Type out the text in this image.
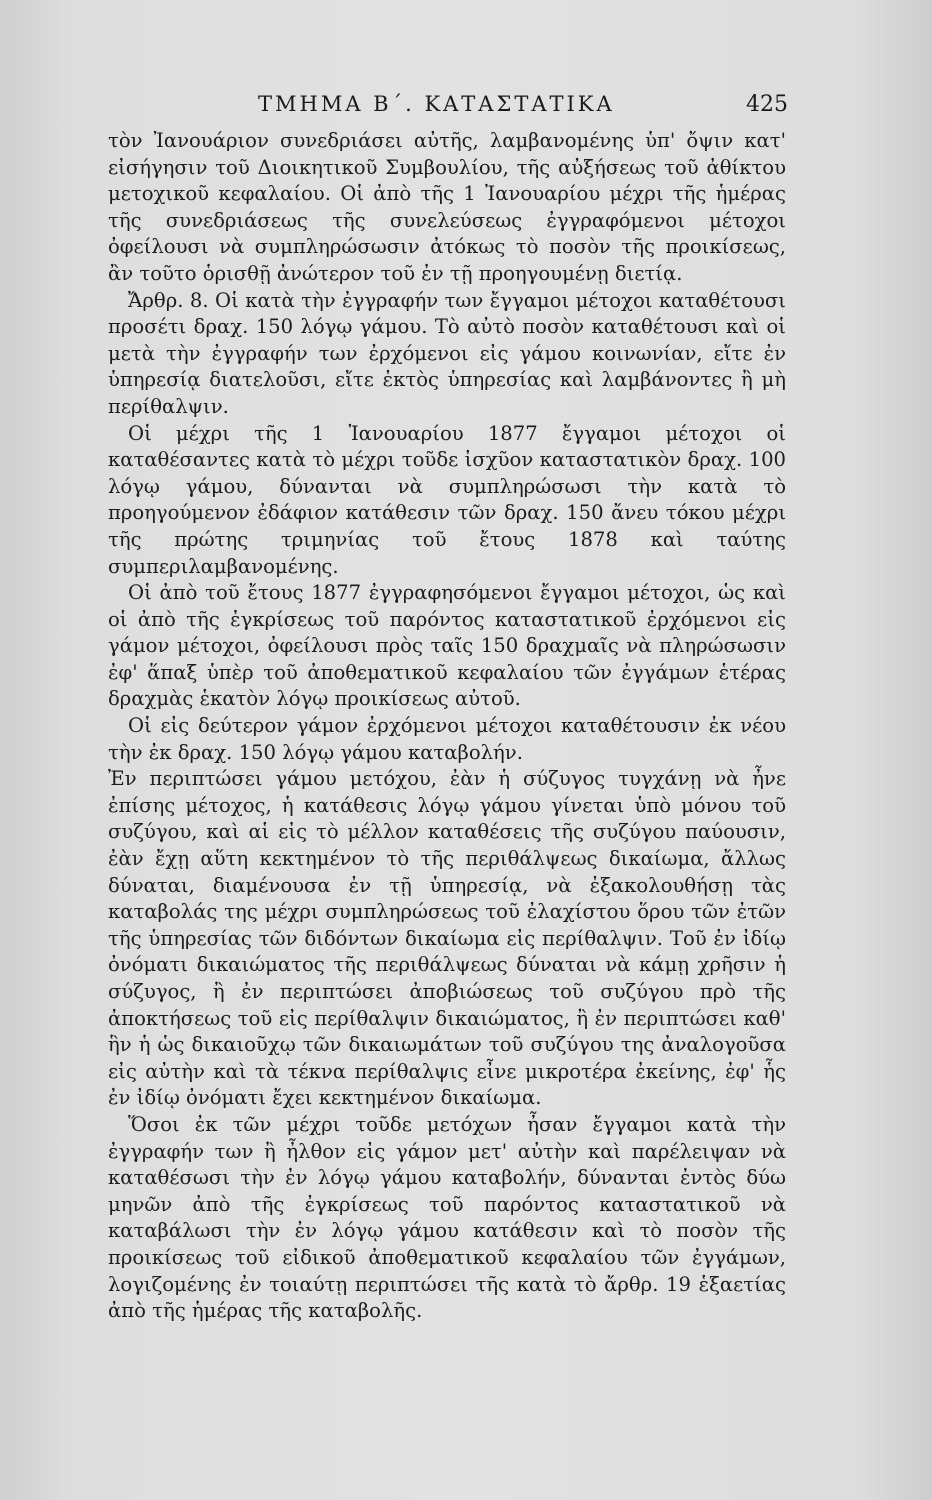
ΤΜΗΜΑ Β΄. ΚΑΤΑΣΤΑΤΙΚΑ	425

τὸν Ἰανουάριον συνεδριάσει αὐτῆς, λαμβανομένης ὑπ' ὄψιν κατ' εἰσήγησιν τοῦ Διοικητικοῦ Συμβουλίου, τῆς αὐξήσεως τοῦ ἀθίκτου μετοχικοῦ κεφαλαίου. Οἱ ἀπὸ τῆς 1 Ἰανουαρίου μέχρι τῆς ἡμέρας τῆς συνεδριάσεως τῆς συνελεύσεως ἐγγραφόμενοι μέτοχοι ὀφείλουσι νὰ συμπληρώσωσιν ἀτόκως τὸ ποσὸν τῆς προικίσεως, ἂν τοῦτο ὁρισθῇ ἀνώτερον τοῦ ἐν τῇ προηγουμένῃ διετίᾳ.

Ἄρθρ. 8. Οἱ κατὰ τὴν ἐγγραφήν των ἔγγαμοι μέτοχοι καταθέτουσι προσέτι δραχ. 150 λόγῳ γάμου. Τὸ αὐτὸ ποσὸν καταθέτουσι καὶ οἱ μετὰ τὴν ἐγγραφήν των ἐρχόμενοι εἰς γάμου κοινωνίαν, εἴτε ἐν ὑπηρεσίᾳ διατελοῦσι, εἴτε ἐκτὸς ὑπηρεσίας καὶ λαμβάνοντες ἢ μὴ περίθαλψιν.

Οἱ μέχρι τῆς 1 Ἰανουαρίου 1877 ἔγγαμοι μέτοχοι οἱ καταθέσαντες κατὰ τὸ μέχρι τοῦδε ἰσχῦον καταστατικὸν δραχ. 100 λόγῳ γάμου, δύνανται νὰ συμπληρώσωσι τὴν κατὰ τὸ προηγούμενον ἐδάφιον κατάθεσιν τῶν δραχ. 150 ἄνευ τόκου μέχρι τῆς πρώτης τριμηνίας τοῦ ἔτους 1878 καὶ ταύτης συμπεριλαμβανομένης.

Οἱ ἀπὸ τοῦ ἔτους 1877 ἐγγραφησόμενοι ἔγγαμοι μέτοχοι, ὡς καὶ οἱ ἀπὸ τῆς ἐγκρίσεως τοῦ παρόντος καταστατικοῦ ἐρχόμενοι εἰς γάμον μέτοχοι, ὀφείλουσι πρὸς ταῖς 150 δραχμαῖς νὰ πληρώσωσιν ἐφ' ἅπαξ ὑπὲρ τοῦ ἀποθεματικοῦ κεφαλαίου τῶν ἐγγάμων ἑτέρας δραχμὰς ἑκατὸν λόγῳ προικίσεως αὐτοῦ.

Οἱ εἰς δεύτερον γάμον ἐρχόμενοι μέτοχοι καταθέτουσιν ἐκ νέου τὴν ἐκ δραχ. 150 λόγῳ γάμου καταβολήν.

Ἐν περιπτώσει γάμου μετόχου, ἐὰν ἡ σύζυγος τυγχάνῃ νὰ ἦνε ἐπίσης μέτοχος, ἡ κατάθεσις λόγῳ γάμου γίνεται ὑπὸ μόνου τοῦ συζύγου, καὶ αἱ εἰς τὸ μέλλον καταθέσεις τῆς συζύγου παύουσιν, ἐὰν ἔχῃ αὕτη κεκτημένον τὸ τῆς περιθάλψεως δικαίωμα, ἄλλως δύναται, διαμένουσα ἐν τῇ ὑπηρεσίᾳ, νὰ ἐξακολουθήσῃ τὰς καταβολάς της μέχρι συμπληρώσεως τοῦ ἐλαχίστου ὅρου τῶν ἐτῶν τῆς ὑπηρεσίας τῶν διδόντων δικαίωμα εἰς περίθαλψιν. Τοῦ ἐν ἰδίῳ ὀνόματι δικαιώματος τῆς περιθάλψεως δύναται νὰ κάμῃ χρῆσιν ἡ σύζυγος, ἢ ἐν περιπτώσει ἀποβιώσεως τοῦ συζύγου πρὸ τῆς ἀποκτήσεως τοῦ εἰς περίθαλψιν δικαιώματος, ἢ ἐν περιπτώσει καθ' ἣν ἡ ὡς δικαιοῦχῳ τῶν δικαιωμάτων τοῦ συζύγου της ἀναλογοῦσα εἰς αὐτὴν καὶ τὰ τέκνα περίθαλψις εἶνε μικροτέρα ἐκείνης, ἐφ' ἧς ἐν ἰδίῳ ὀνόματι ἔχει κεκτημένον δικαίωμα.

Ὅσοι ἐκ τῶν μέχρι τοῦδε μετόχων ἦσαν ἔγγαμοι κατὰ τὴν ἐγγραφήν των ἢ ἦλθον εἰς γάμον μετ' αὐτὴν καὶ παρέλειψαν νὰ καταθέσωσι τὴν ἐν λόγῳ γάμου καταβολήν, δύνανται ἐντὸς δύω μηνῶν ἀπὸ τῆς ἐγκρίσεως τοῦ παρόντος καταστατικοῦ νὰ καταβάλωσι τὴν ἐν λόγῳ γάμου κατάθεσιν καὶ τὸ ποσὸν τῆς προικίσεως τοῦ εἰδικοῦ ἀποθεματικοῦ κεφαλαίου τῶν ἐγγάμων, λογιζομένης ἐν τοιαύτῃ περιπτώσει τῆς κατὰ τὸ ἄρθρ. 19 ἑξαετίας ἀπὸ τῆς ἡμέρας τῆς καταβολῆς.
